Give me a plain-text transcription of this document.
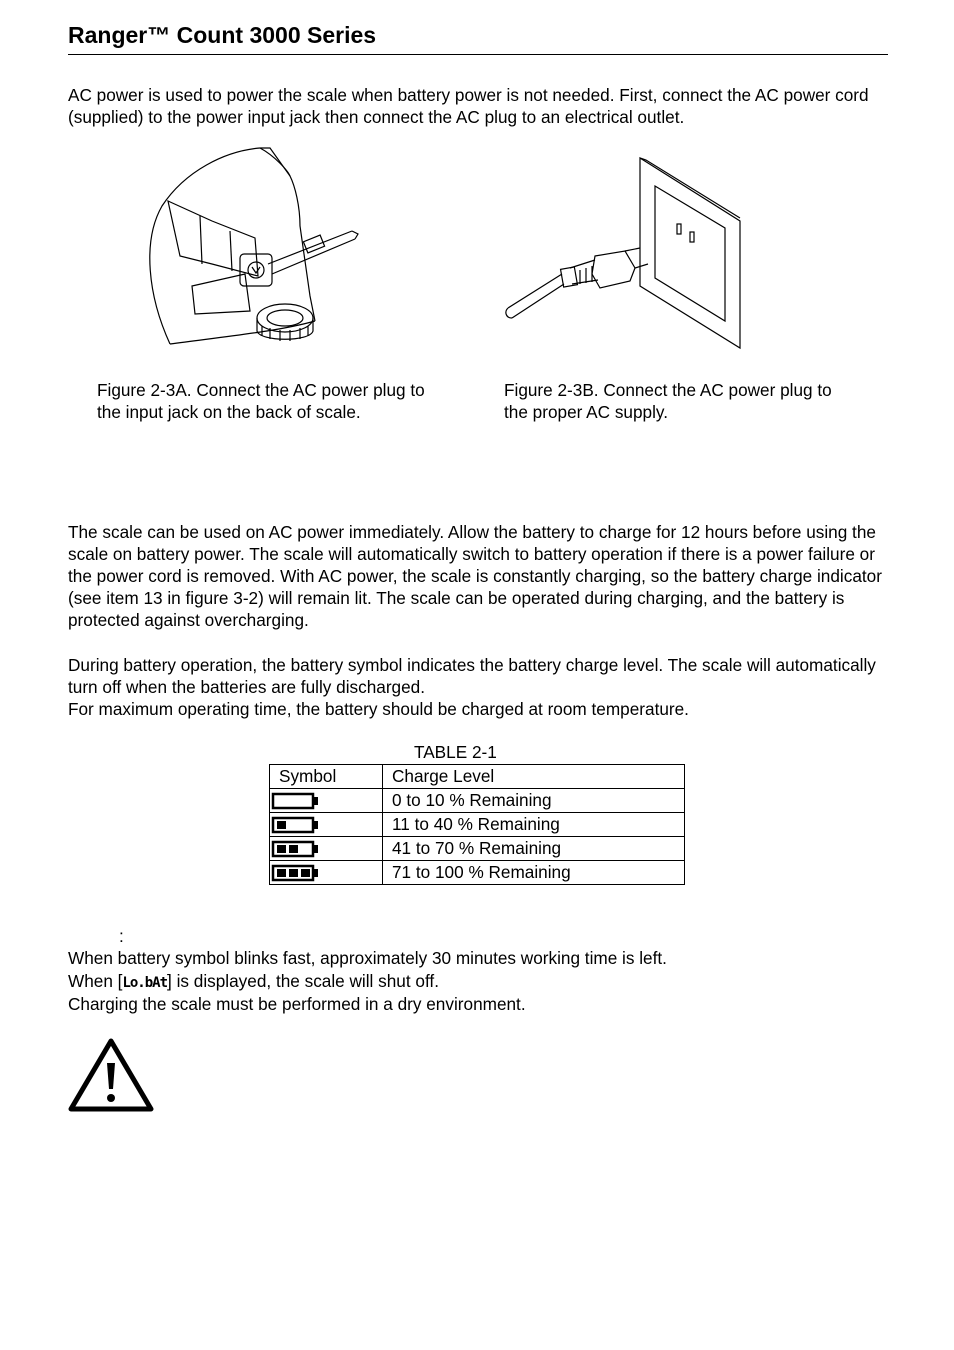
Ranger™ Count 3000 Series
AC power is used to power the scale when battery power is not needed. First, connect the AC power cord (supplied) to the power input jack then connect the AC plug to an electrical outlet.
Figure 2-3A. Connect the AC power plug to the input jack on the back of scale.
Figure 2-3B. Connect the AC power plug to the proper AC supply.
The scale can be used on AC power immediately. Allow the battery to charge for 12 hours before using the scale on battery power. The scale will automatically switch to battery operation if there is a power failure or the power cord is removed. With AC power, the scale is constantly charging, so the battery charge indicator (see item 13 in figure 3-2) will remain lit. The scale can be operated during charging, and the battery is protected against overcharging.
During battery operation, the battery symbol indicates the battery charge level. The scale will automatically turn off when the batteries are fully discharged.
For maximum operating time, the battery should be charged at room temperature.
TABLE 2-1
Symbol	Charge Level

	0 to 10 % Remaining

	11 to 40 % Remaining

	41 to 70 % Remaining

	71 to 100 % Remaining
:
When battery symbol blinks fast, approximately 30 minutes working time is left.
When [Lo.bAt] is displayed, the scale will shut off.
Charging the scale must be performed in a dry environment.
